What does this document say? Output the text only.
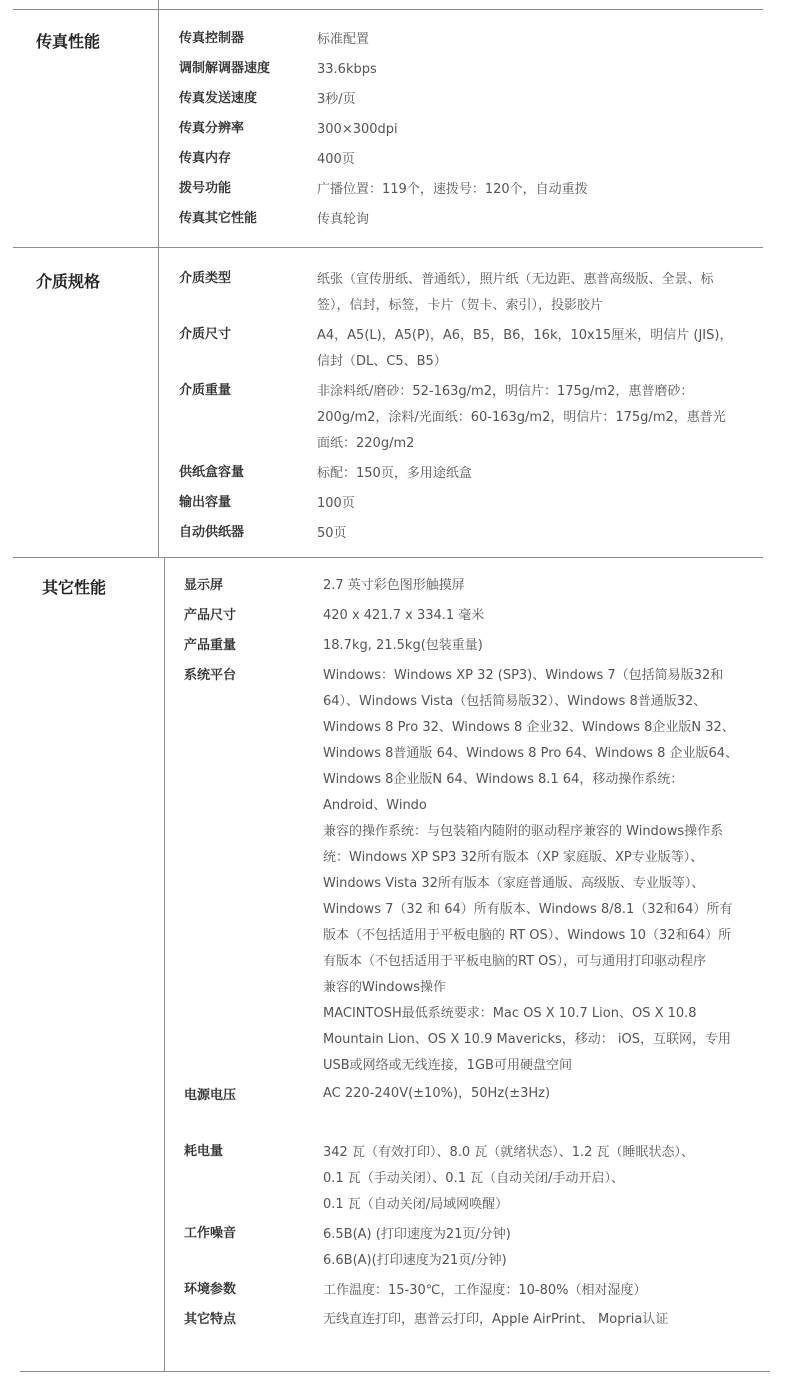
传真性能	传真控制器	标准配置
调制解调器速度	33.6kbps
传真发送速度	3秒/页
传真分辨率	300×300dpi
传真内存	400页
拨号功能	广播位置：119个，速拨号：120个，自动重拨
传真其它性能	传真轮询
介质规格	介质类型	纸张（宣传册纸、普通纸），照片纸（无边距、惠普高级版、全景、标
签），信封，标签，卡片（贺卡、索引），投影胶片
介质尺寸	A4，A5(L)，A5(P)，A6，B5，B6，16k，10x15厘米，明信片 (JIS)，
信封（DL、C5、B5）
介质重量	非涂料纸/磨砂：52-163g/m2，明信片：175g/m2，惠普磨砂：
200g/m2，涂料/光面纸：60-163g/m2，明信片：175g/m2，惠普光
面纸：220g/m2
供纸盒容量	标配：150页，多用途纸盒
输出容量	100页
自动供纸器	50页
其它性能	显示屏	2.7 英寸彩色图形触摸屏
产品尺寸	420 x 421.7 x 334.1 毫米
产品重量	18.7kg, 21.5kg(包装重量)
系统平台	Windows：Windows XP 32 (SP3)、Windows 7（包括简易版32和
64）、Windows Vista（包括简易版32）、Windows 8普通版32、
Windows 8 Pro 32、Windows 8 企业32、Windows 8企业版N 32、
Windows 8普通版 64、Windows 8 Pro 64、Windows 8 企业版64、
Windows 8企业版N 64、Windows 8.1 64，移动操作系统：
Android、Windo
兼容的操作系统：与包装箱内随附的驱动程序兼容的 Windows操作系
统：Windows XP SP3 32所有版本（XP 家庭版、XP专业版等）、
Windows Vista 32所有版本（家庭普通版、高级版、专业版等）、
Windows 7（32 和 64）所有版本、Windows 8/8.1（32和64）所有
版本（不包括适用于平板电脑的 RT OS）、Windows 10（32和64）所
有版本（不包括适用于平板电脑的RT OS），可与通用打印驱动程序
兼容的Windows操作
MACINTOSH最低系统要求：Mac OS X 10.7 Lion、OS X 10.8
Mountain Lion、OS X 10.9 Mavericks，移动： iOS，互联网，专用
USB或网络或无线连接，1GB可用硬盘空间
电源电压	AC 220-240V(±10%)，50Hz(±3Hz)
耗电量	342 瓦（有效打印）、8.0 瓦（就绪状态）、1.2 瓦（睡眠状态）、
0.1 瓦（手动关闭）、0.1 瓦（自动关闭/手动开启）、
0.1 瓦（自动关闭/局域网唤醒）
工作噪音	6.5B(A) (打印速度为21页/分钟)
6.6B(A)(打印速度为21页/分钟)
环境参数	工作温度：15-30℃，工作湿度：10-80%（相对湿度）
其它特点	无线直连打印，惠普云打印，Apple AirPrint、 Mopria认证
